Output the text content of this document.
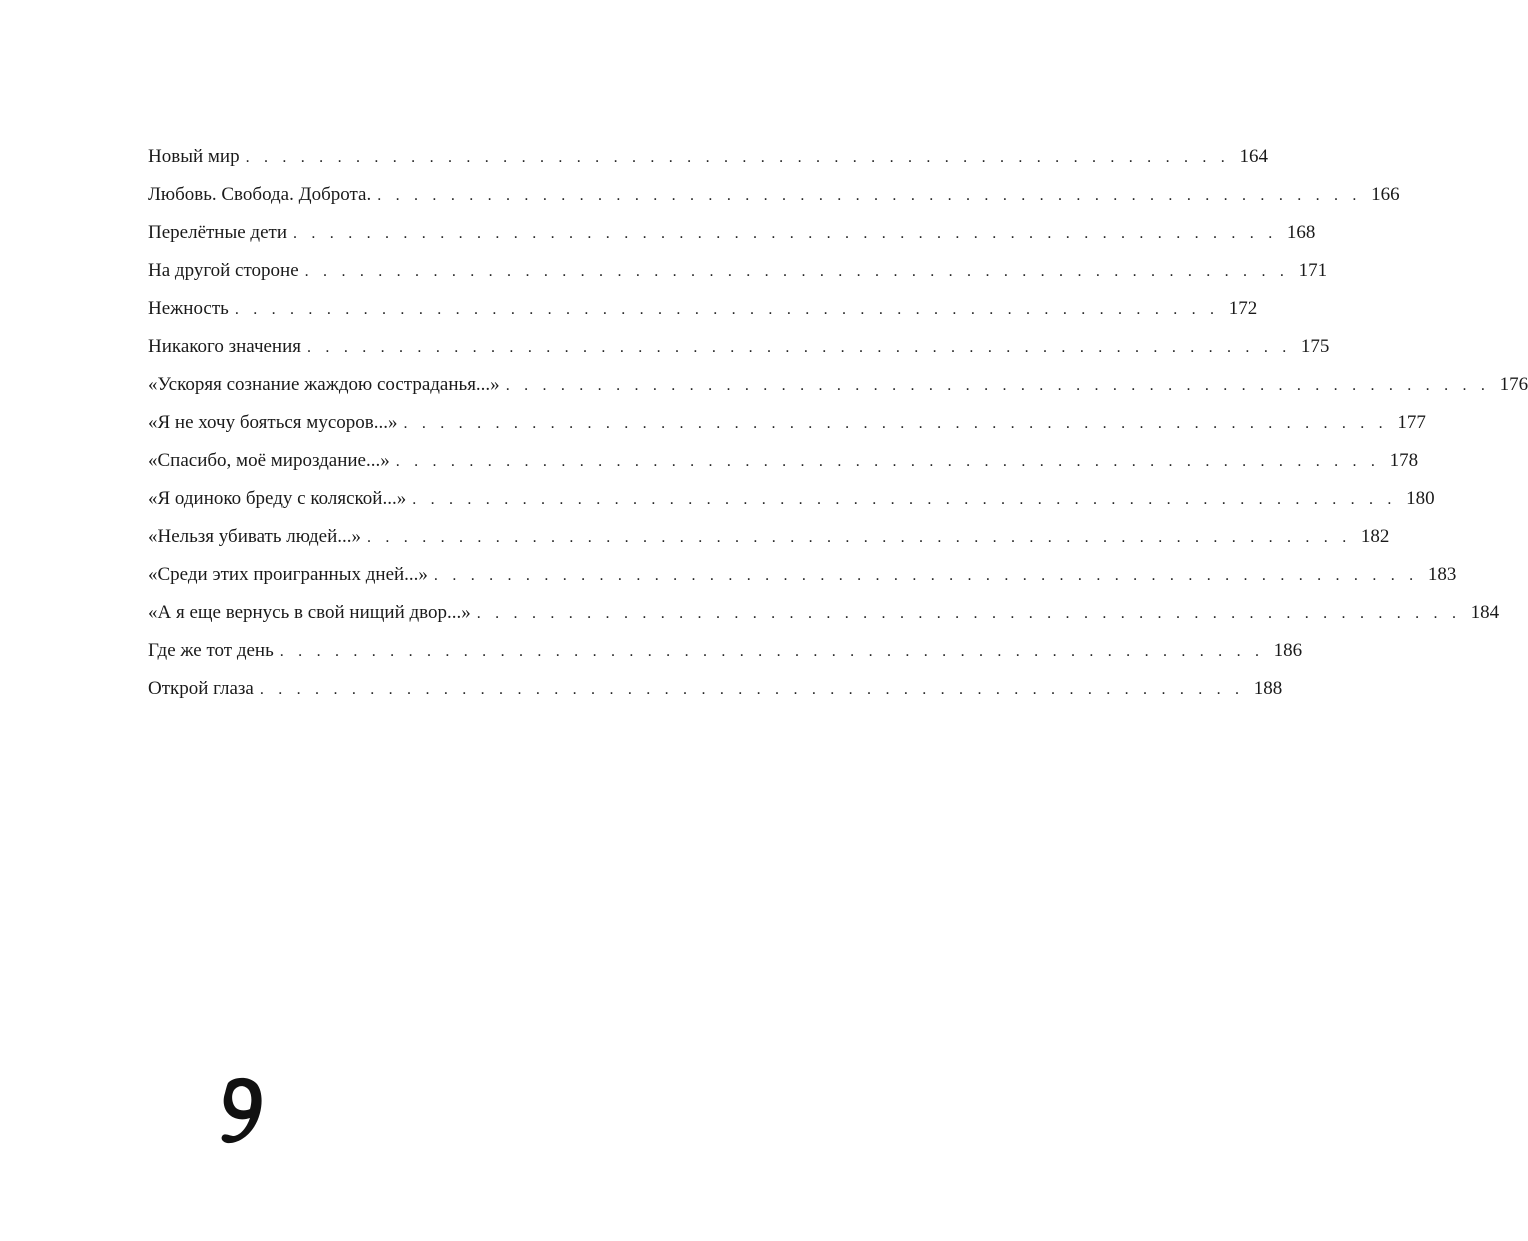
Новый мир . . . . . . . . . . . . . . . . . . . . . . . . . . . . . . . . . . . . . . . . . . . . . . . . . . . . . . 164
Любовь. Свобода. Доброта. . . . . . . . . . . . . . . . . . . . . . . . . . . . . . . . . . . . . . . . . . . . . . . . . . . . . . . 166
Перелётные дети . . . . . . . . . . . . . . . . . . . . . . . . . . . . . . . . . . . . . . . . . . . . . . . . . . . . . . 168
На другой стороне . . . . . . . . . . . . . . . . . . . . . . . . . . . . . . . . . . . . . . . . . . . . . . . . . . . . . . 171
Нежность . . . . . . . . . . . . . . . . . . . . . . . . . . . . . . . . . . . . . . . . . . . . . . . . . . . . . . 172
Никакого значения . . . . . . . . . . . . . . . . . . . . . . . . . . . . . . . . . . . . . . . . . . . . . . . . . . . . . . 175
«Ускоряя сознание жаждою состраданья...» . . . . . . . . . . . . . . . . . . . . . . . . . . . . . . . . . . . . . . . . . . . . . . . . . . . . . . 176
«Я не хочу бояться мусоров...» . . . . . . . . . . . . . . . . . . . . . . . . . . . . . . . . . . . . . . . . . . . . . . . . . . . . . . 177
«Спасибо, моё мироздание...» . . . . . . . . . . . . . . . . . . . . . . . . . . . . . . . . . . . . . . . . . . . . . . . . . . . . . . 178
«Я одиноко бреду с коляской...» . . . . . . . . . . . . . . . . . . . . . . . . . . . . . . . . . . . . . . . . . . . . . . . . . . . . . . 180
«Нельзя убивать людей...» . . . . . . . . . . . . . . . . . . . . . . . . . . . . . . . . . . . . . . . . . . . . . . . . . . . . . . 182
«Среди этих проигранных дней...» . . . . . . . . . . . . . . . . . . . . . . . . . . . . . . . . . . . . . . . . . . . . . . . . . . . . . . 183
«А я еще вернусь в свой нищий двор...» . . . . . . . . . . . . . . . . . . . . . . . . . . . . . . . . . . . . . . . . . . . . . . . . . . . . . . 184
Где же тот день . . . . . . . . . . . . . . . . . . . . . . . . . . . . . . . . . . . . . . . . . . . . . . . . . . . . . . 186
Открой глаза . . . . . . . . . . . . . . . . . . . . . . . . . . . . . . . . . . . . . . . . . . . . . . . . . . . . . . 188
